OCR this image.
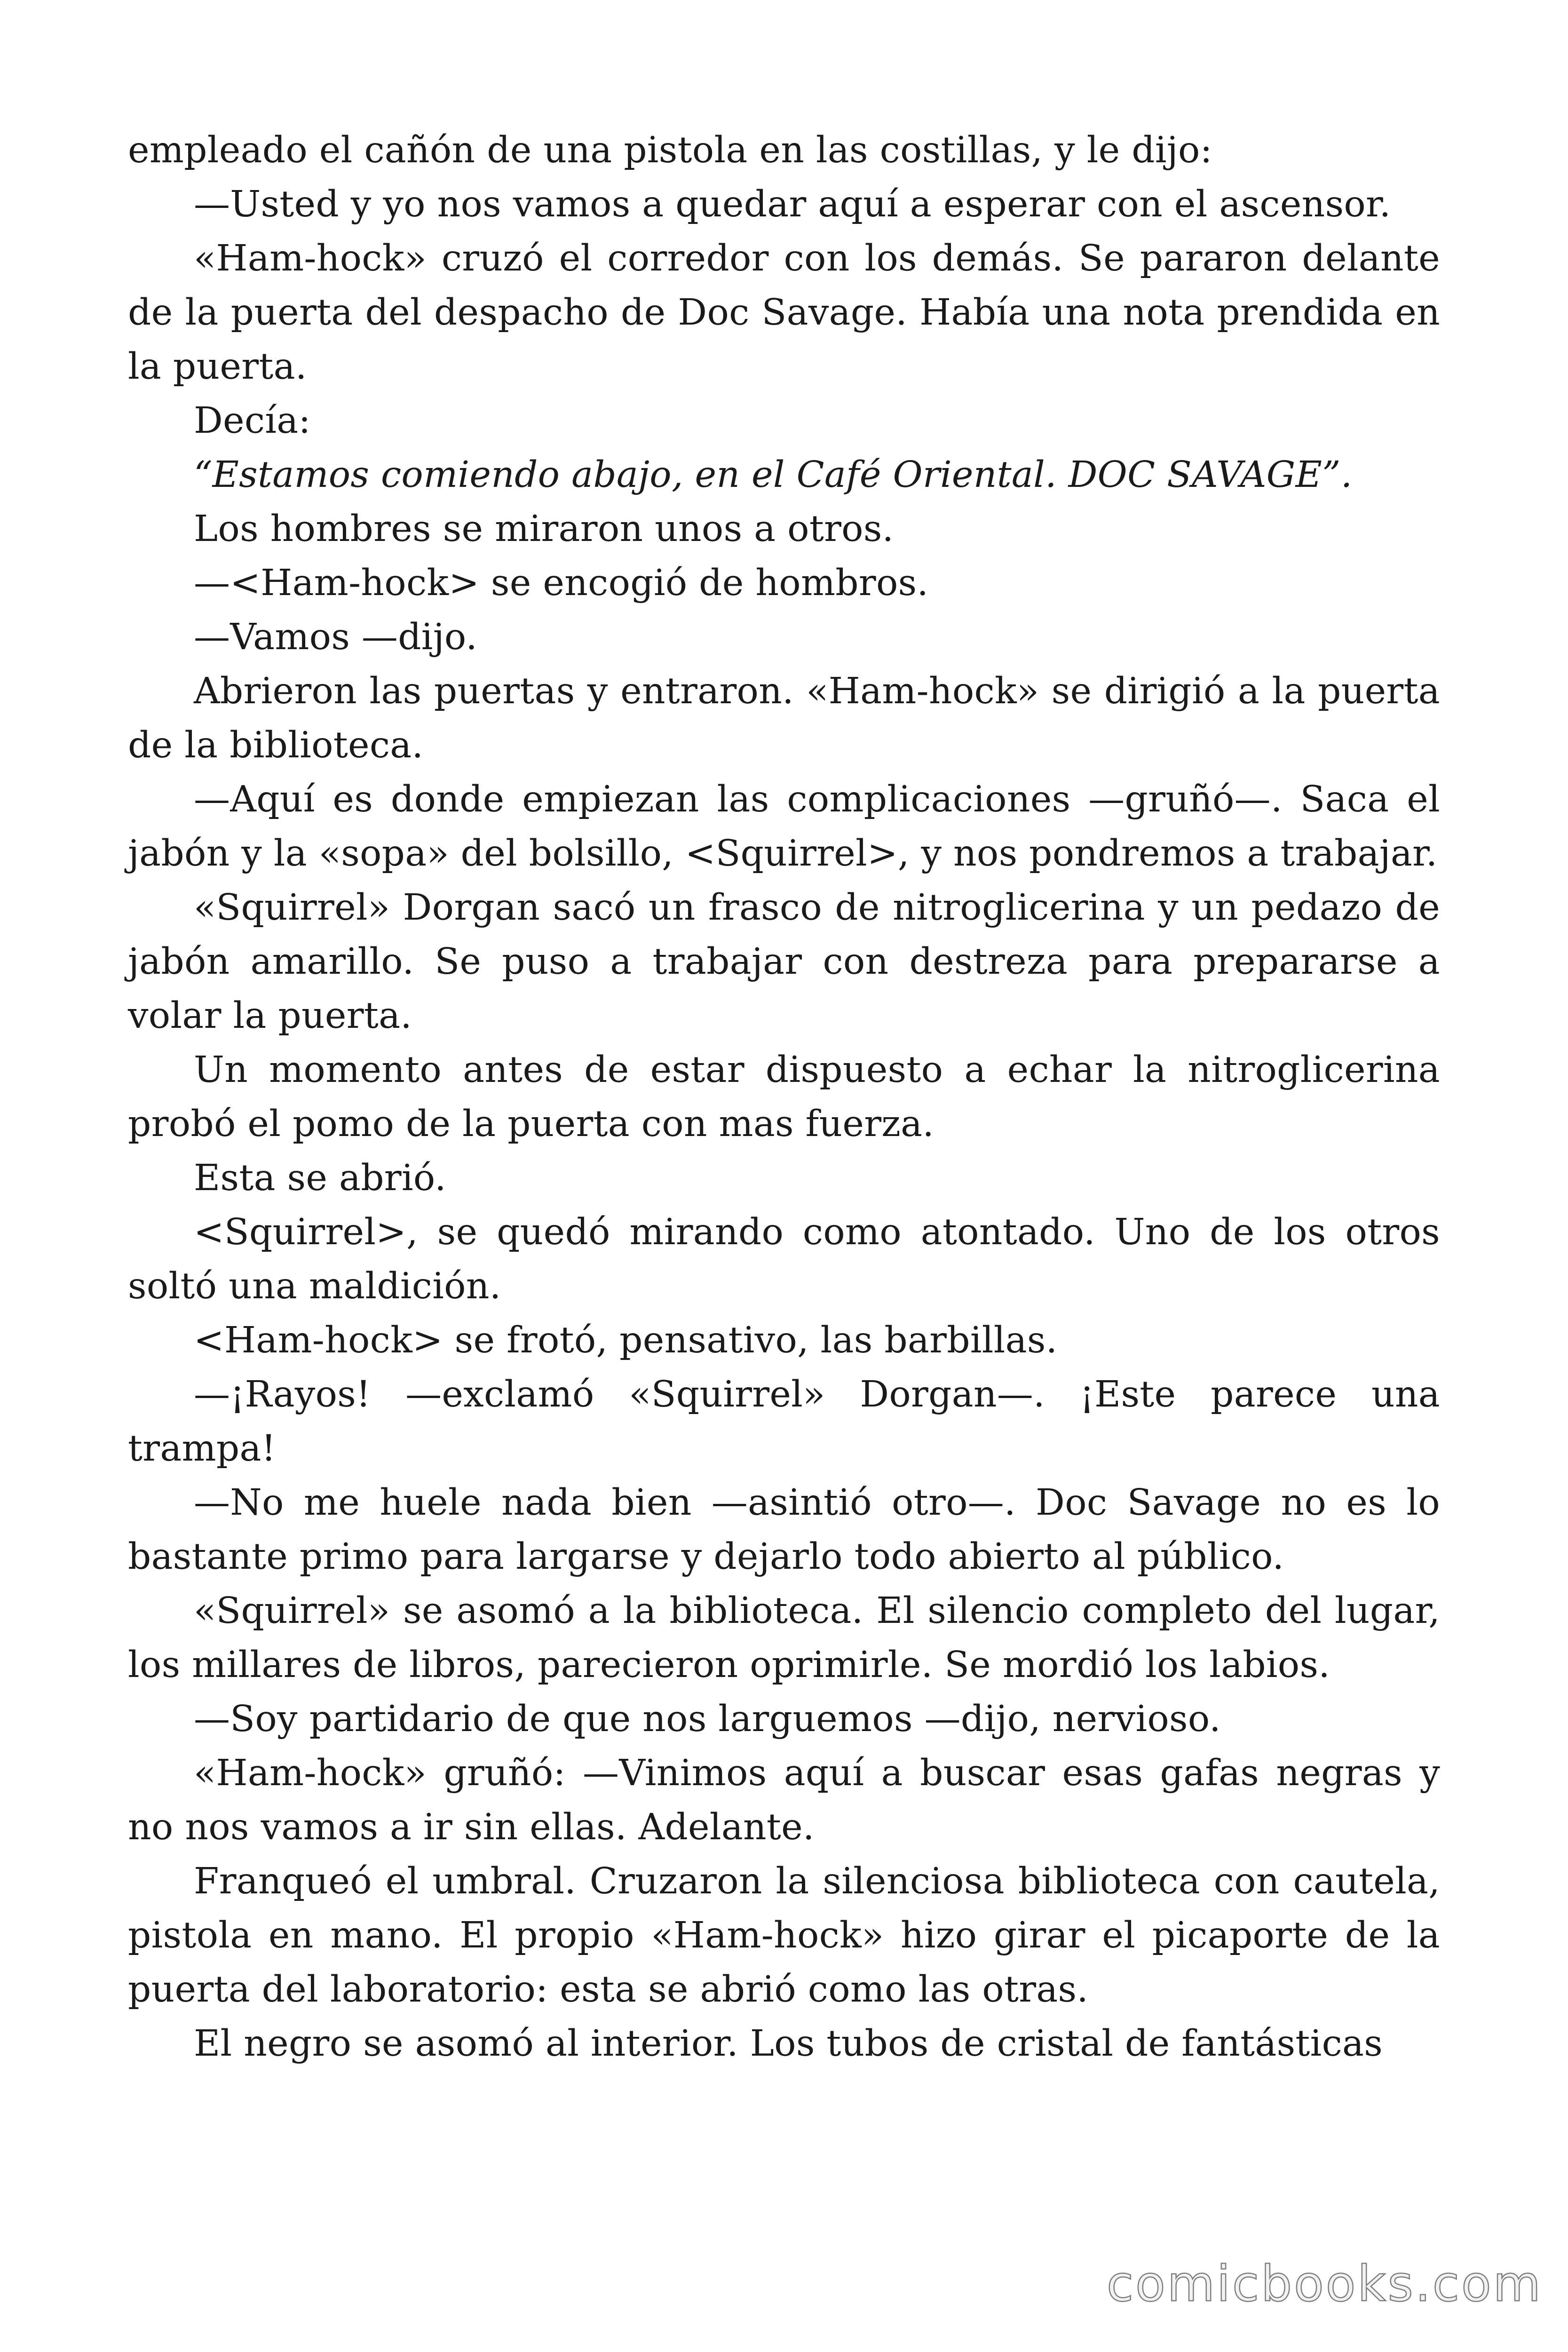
empleado el cañón de una pistola en las costillas, y le dijo:

—Usted y yo nos vamos a quedar aquí a esperar con el ascensor.

«Ham-hock» cruzó el corredor con los demás. Se pararon delante de la puerta del despacho de Doc Savage. Había una nota prendida en la puerta.

Decía:

“Estamos comiendo abajo, en el Café Oriental. DOC SAVAGE”.

Los hombres se miraron unos a otros.

—<Ham-hock> se encogió de hombros.

—Vamos —dijo.

Abrieron las puertas y entraron. «Ham-hock» se dirigió a la puerta de la biblioteca.

—Aquí es donde empiezan las complicaciones —gruñó—. Saca el jabón y la «sopa» del bolsillo, <Squirrel>, y nos pondremos a trabajar.

«Squirrel» Dorgan sacó un frasco de nitroglicerina y un pedazo de jabón amarillo. Se puso a trabajar con destreza para prepararse a volar la puerta.

Un momento antes de estar dispuesto a echar la nitroglicerina probó el pomo de la puerta con mas fuerza.

Esta se abrió.

<Squirrel>, se quedó mirando como atontado. Uno de los otros soltó una maldición.

<Ham-hock> se frotó, pensativo, las barbillas.

—¡Rayos! —exclamó «Squirrel» Dorgan—. ¡Este parece una trampa!

—No me huele nada bien —asintió otro—. Doc Savage no es lo bastante primo para largarse y dejarlo todo abierto al público.

«Squirrel» se asomó a la biblioteca. El silencio completo del lugar, los millares de libros, parecieron oprimirle. Se mordió los labios.

—Soy partidario de que nos larguemos —dijo, nervioso.

«Ham-hock» gruñó: —Vinimos aquí a buscar esas gafas negras y no nos vamos a ir sin ellas. Adelante.

Franqueó el umbral. Cruzaron la silenciosa biblioteca con cautela, pistola en mano. El propio «Ham-hock» hizo girar el picaporte de la puerta del laboratorio: esta se abrió como las otras.

El negro se asomó al interior. Los tubos de cristal de fantásticas

comicbooks.com
